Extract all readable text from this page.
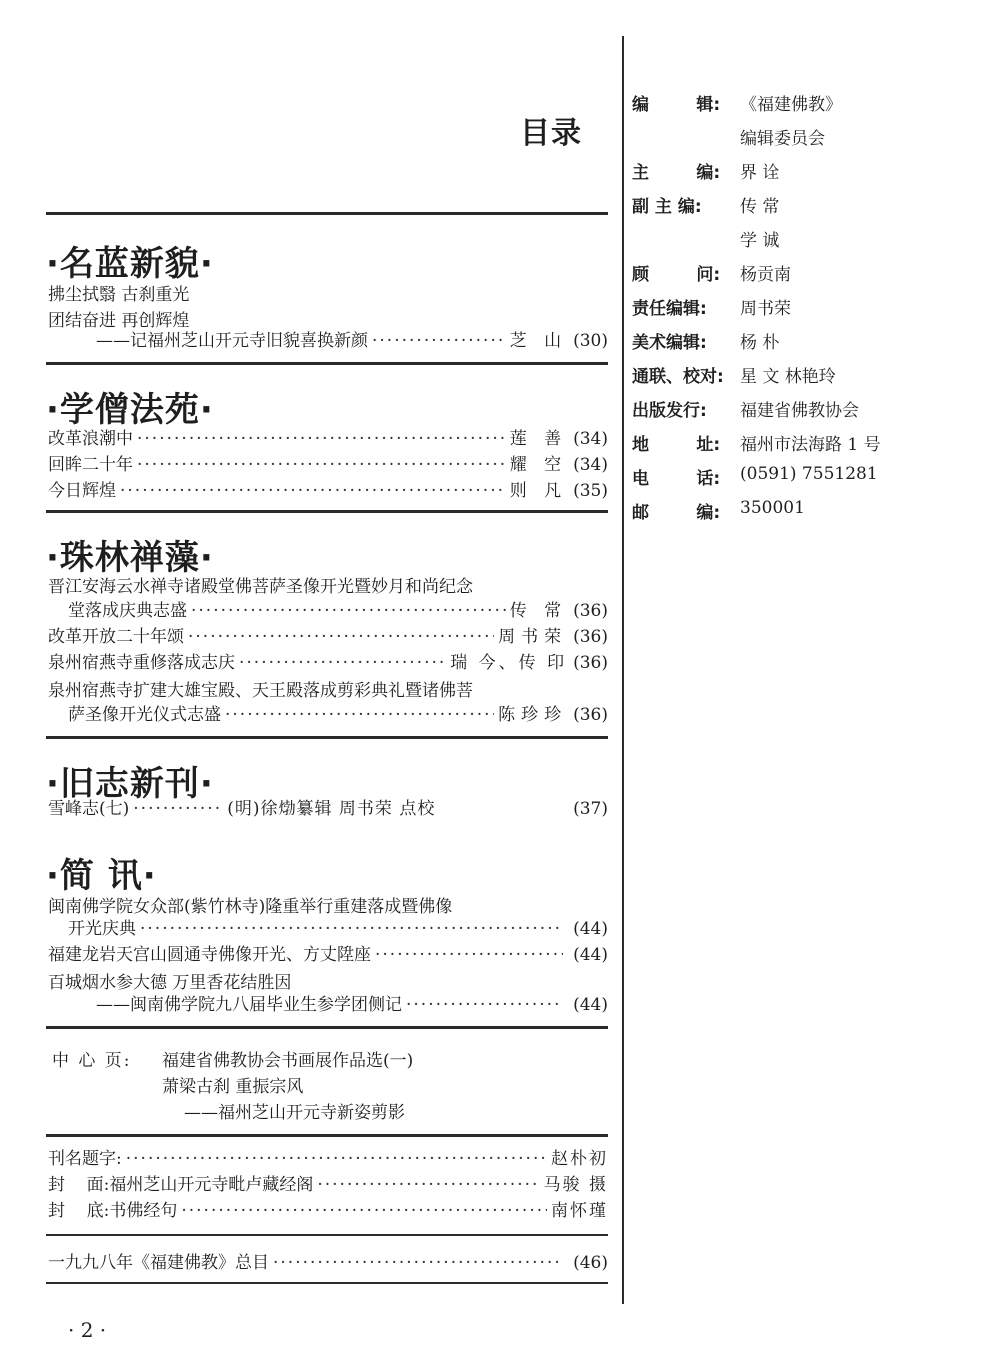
目录
·名蓝新貌·
拂尘拭翳 古刹重光
团结奋进 再创辉煌
——记福州芝山开元寺旧貌喜换新颜 ·····	芝 山 (30)
·学僧法苑·
改革浪潮中 ·····	莲 善 (34)
回眸二十年 ·····	耀 空 (34)
今日辉煌 ·····	则 凡 (35)
·珠林禅藻·
晋江安海云水禅寺诸殿堂佛菩萨圣像开光暨妙月和尚纪念
堂落成庆典志盛 ·····	传 常 (36)
改革开放二十年颂 ·····	周书荣 (36)
泉州宿燕寺重修落成志庆 ·····	瑞 今、传 印 (36)
泉州宿燕寺扩建大雄宝殿、天王殿落成剪彩典礼暨诸佛菩
萨圣像开光仪式志盛 ·····	陈珍珍 (36)
·旧志新刊·
雪峰志(七) ·····	(明)徐𤊹纂辑 周书荣 点校	(37)
·简 讯·
闽南佛学院女众部(紫竹林寺)隆重举行重建落成暨佛像
开光庆典 ·····	(44)
福建龙岩天宫山圆通寺佛像开光、方丈陞座 ·····	(44)
百城烟水参大德 万里香花结胜因
——闽南佛学院九八届毕业生参学团侧记 ·····	(44)
中 心 页: 福建省佛教协会书画展作品选(一)
萧梁古刹 重振宗风
——福州芝山开元寺新姿剪影
刊名题字: ·····	赵朴初
封    面: 福州芝山开元寺毗卢藏经阁 ·····	马骏 摄
封    底: 书佛经句 ·····	南怀瑾
一九九八年《福建佛教》总目 ·····	(46)
编        辑:	《福建佛教》
编辑委员会
主        编:	界 诠
副 主 编:	传 常
学 诚
顾        问:	杨贡南
责任编辑:	周书荣
美术编辑:	杨 朴
通联、校对: 星 文 林艳玲
出版发行:	福建省佛教协会
地        址:	福州市法海路 1 号
电        话:	(0591) 7551281
邮        编:	350001
· 2 ·
